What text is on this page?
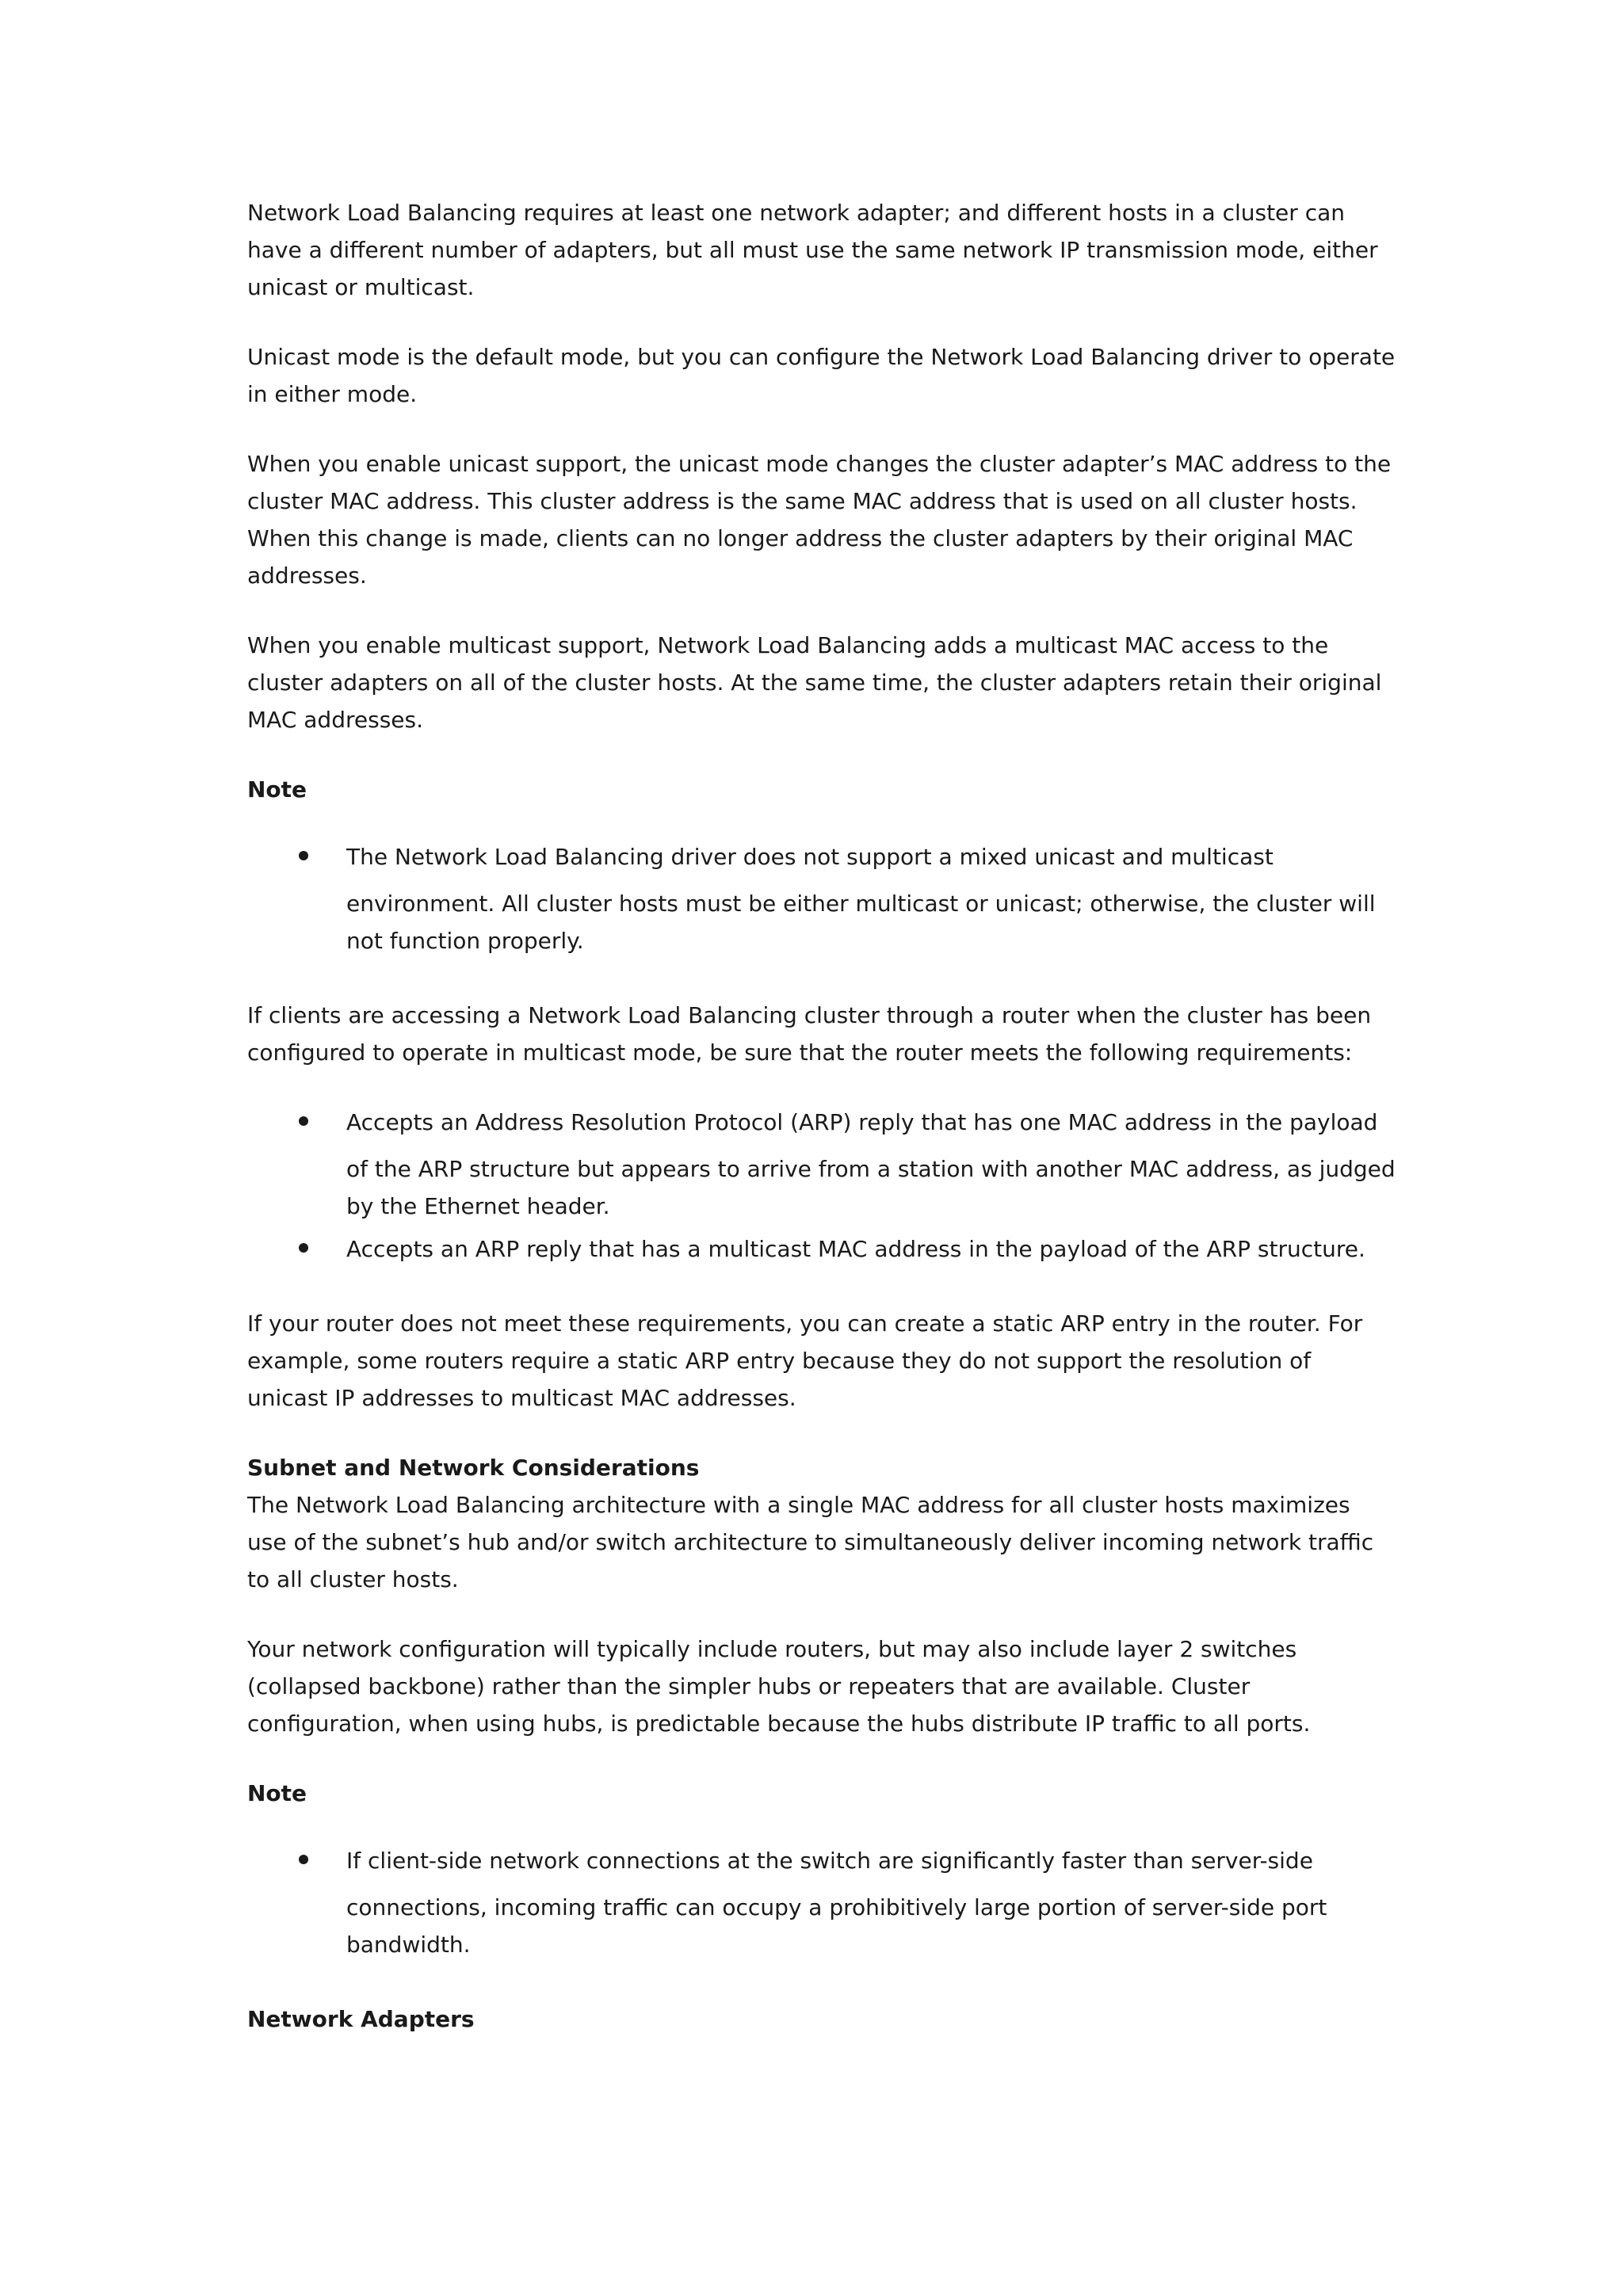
Network Load Balancing requires at least one network adapter; and different hosts in a cluster can have a different number of adapters, but all must use the same network IP transmission mode, either unicast or multicast.

Unicast mode is the default mode, but you can configure the Network Load Balancing driver to operate in either mode.

When you enable unicast support, the unicast mode changes the cluster adapter’s MAC address to the cluster MAC address. This cluster address is the same MAC address that is used on all cluster hosts. When this change is made, clients can no longer address the cluster adapters by their original MAC addresses.

When you enable multicast support, Network Load Balancing adds a multicast MAC access to the cluster adapters on all of the cluster hosts. At the same time, the cluster adapters retain their original MAC addresses.

Note

The Network Load Balancing driver does not support a mixed unicast and multicast
environment. All cluster hosts must be either multicast or unicast; otherwise, the cluster will not function properly.

If clients are accessing a Network Load Balancing cluster through a router when the cluster has been configured to operate in multicast mode, be sure that the router meets the following requirements:

Accepts an Address Resolution Protocol (ARP) reply that has one MAC address in the payload
of the ARP structure but appears to arrive from a station with another MAC address, as judged by the Ethernet header.
Accepts an ARP reply that has a multicast MAC address in the payload of the ARP structure.

If your router does not meet these requirements, you can create a static ARP entry in the router. For example, some routers require a static ARP entry because they do not support the resolution of unicast IP addresses to multicast MAC addresses.

Subnet and Network Considerations

The Network Load Balancing architecture with a single MAC address for all cluster hosts maximizes use of the subnet’s hub and/or switch architecture to simultaneously deliver incoming network traffic to all cluster hosts.

Your network configuration will typically include routers, but may also include layer 2 switches (collapsed backbone) rather than the simpler hubs or repeaters that are available. Cluster configuration, when using hubs, is predictable because the hubs distribute IP traffic to all ports.

Note

If client-side network connections at the switch are significantly faster than server-side
connections, incoming traffic can occupy a prohibitively large portion of server-side port bandwidth.

Network Adapters
